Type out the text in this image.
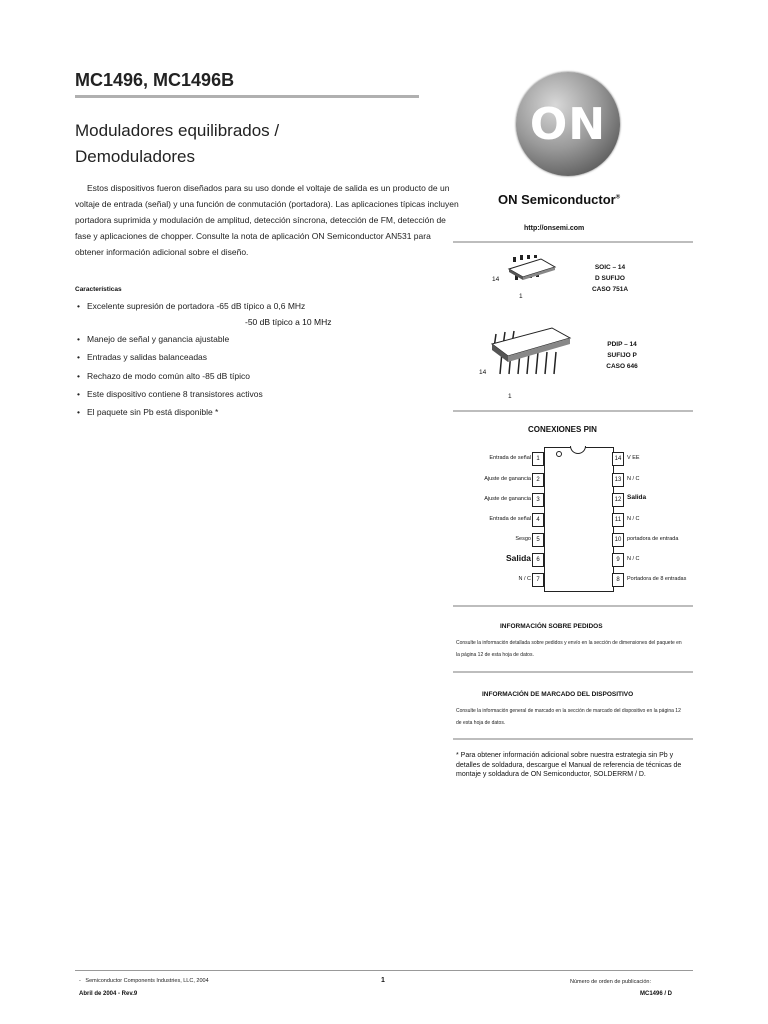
MC1496, MC1496B
Moduladores equilibrados /
Demoduladores
Estos dispositivos fueron diseñados para su uso donde el voltaje de salida es un producto de un voltaje de entrada (señal) y una función de conmutación (portadora). Las aplicaciones típicas incluyen portadora suprimida y modulación de amplitud, detección síncrona, detección de FM, detección de fase y aplicaciones de chopper. Consulte la nota de aplicación ON Semiconductor AN531 para obtener información adicional sobre el diseño.
Características
• Excelente supresión de portadora -65 dB típico a 0,6 MHz
-50 dB típico a 10 MHz
• Manejo de señal y ganancia ajustable
• Entradas y salidas balanceadas
• Rechazo de modo común alto -85 dB típico
• Este dispositivo contiene 8 transistores activos
• El paquete sin Pb está disponible *
ON
ON Semiconductor®
http://onsemi.com
14
1
SOIC – 14
D SUFIJO
CASO 751A
14
1
PDIP – 14
SUFIJO P
CASO 646
CONEXIONES PIN
Entrada de señal 1
Ajuste de ganancia 2
Ajuste de ganancia 3
Entrada de señal 4
Sesgo 5
Salida 6
N / C 7
14	V EE
13	N / C
12 Salida
11	N / C
10	portadora de entrada
9	N / C
8	Portadora de 8 entradas
INFORMACIÓN SOBRE PEDIDOS
Consulte la información detallada sobre pedidos y envío en la sección de dimensiones del paquete en la página 12 de esta hoja de datos.
INFORMACIÓN DE MARCADO DEL DISPOSITIVO
Consulte la información general de marcado en la sección de marcado del dispositivo en la página 12 de esta hoja de datos.
* Para obtener información adicional sobre nuestra estrategia sin Pb y detalles de soldadura, descargue el Manual de referencia de técnicas de montaje y soldadura de ON Semiconductor, SOLDERRM / D.
-   Semiconductor Components Industries, LLC, 2004
Abril de 2004 - Rev.9
1	Número de orden de publicación:
MC1496 / D
